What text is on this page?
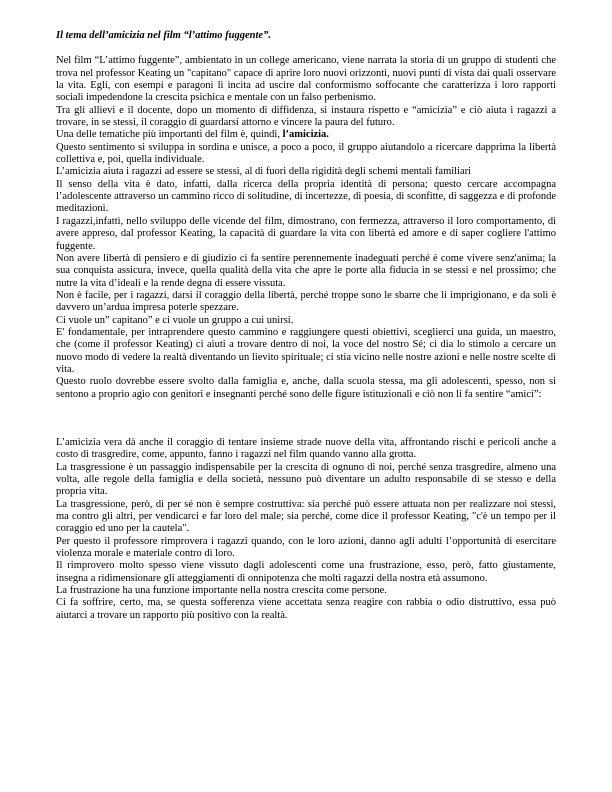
Il tema dell’amicizia nel film “l’attimo fuggente”.

Nel film “L’attimo fuggente”, ambientato in un college americano, viene narrata la storia di un gruppo di studenti che trova nel professor Keating un "capitano" capace di aprire loro nuovi orizzonti, nuovi punti di vista dai quali osservare la vita. Egli, con esempi e paragoni li incita ad uscire dal conformismo soffocante che caratterizza i loro rapporti sociali impedendone la crescita psichica e mentale con un falso perbenismo.

Tra gli allievi e il docente, dopo un momento di diffidenza, si instaura rispetto e “amicizia” e ciò aiuta i ragazzi a trovare, in se stessi, il coraggio di guardarsi attorno e vincere la paura del futuro.

Una delle tematiche più importanti del film è, quindi, l’amicizia.

Questo sentimento si sviluppa in sordina e unisce, a poco a poco, il gruppo aiutandolo a ricercare dapprima la libertà collettiva e, poi, quella individuale.

L’amicizia aiuta i ragazzi ad essere se stessi, al di fuori della rigidità degli schemi mentali familiari

Il senso della vita è dato, infatti, dalla ricerca della propria identità di persona; questo cercare accompagna l’adolescente attraverso un cammino ricco di solitudine, di incertezze, di poesia, di sconfitte, di saggezza e di profonde meditazioni.

I ragazzi,infatti, nello sviluppo delle vicende del film, dimostrano, con fermezza, attraverso il loro comportamento, di avere appreso, dal professor Keating, la capacità di guardare la vita con libertà ed amore e di saper cogliere l'attimo fuggente.

Non avere libertà di pensiero e di giudizio ci fa sentire perennemente inadeguati perché è come vivere senz'anima; la sua conquista assicura, invece, quella qualità della vita che apre le porte alla fiducia in se stessi e nel prossimo; che nutre la vita d’ideali e la rende degna di essere vissuta.

Non è facile, per i ragazzi, darsi il coraggio della libertà, perché troppe sono le sbarre che li imprigionano, e da soli è davvero un’ardua impresa poterle spezzare.

Ci vuole un” capitano” e ci vuole un gruppo a cui unirsi.

E' fondamentale, per intraprendere questo cammino e raggiungere questi obiettivi, sceglierci una guida, un maestro, che (come il professor Keating) ci aiuti a trovare dentro di noi, la voce del nostro Sé; ci dia lo stimolo a cercare un nuovo modo di vedere la realtà diventando un lievito spirituale; ci stia vicino nelle nostre azioni e nelle nostre scelte di vita.

Questo ruolo dovrebbe essere svolto dalla famiglia e, anche, dalla scuola stessa, ma gli adolescenti, spesso, non si sentono a proprio agio con genitori e insegnanti perché sono delle figure istituzionali e ciò non li fa sentire “amici”:

L’amicizia vera dà anche il coraggio di tentare insieme strade nuove della vita, affrontando rischi e pericoli anche a costo di trasgredire, come, appunto, fanno i ragazzi nel film quando vanno alla grotta.

La trasgressione è un passaggio indispensabile per la crescita di ognuno di noi, perché senza trasgredire, almeno una volta, alle regole della famiglia e della società, nessuno può diventare un adulto responsabile di se stesso e della propria vita.

La trasgressione, però, di per sé non è sempre costruttiva: sia perché può essere attuata non per realizzare noi stessi, ma contro gli altri, per vendicarci e far loro del male; sia perché, come dice il professor Keating, "c'è un tempo per il coraggio ed uno per la cautela".

Per questo il professore rimprovera i ragazzi quando, con le loro azioni, danno agli adulti l’opportunità di esercitare violenza morale e materiale contro di loro.

Il rimprovero molto spesso viene vissuto dagli adolescenti come una frustrazione, esso, però, fatto giustamente, insegna a ridimensionare gli atteggiamenti di onnipotenza che molti ragazzi della nostra età assumono.

La frustrazione ha una funzione importante nella nostra crescita come persone.

Ci fa soffrire, certo, ma, se questa sofferenza viene accettata senza reagire con rabbia o odio distruttivo, essa può aiutarci a trovare un rapporto più positivo con la realtà.
